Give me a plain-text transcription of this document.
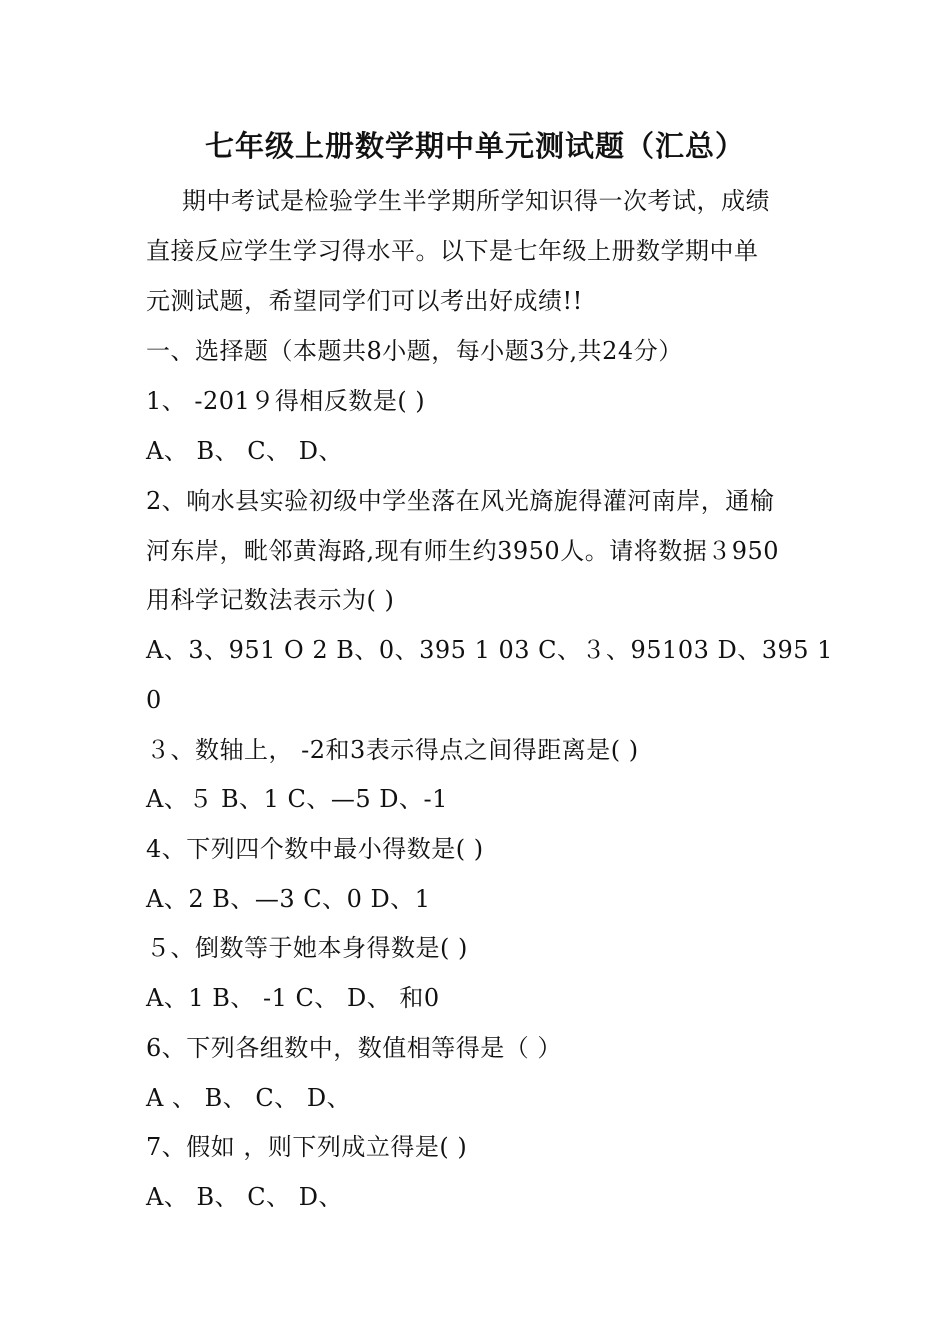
七年级上册数学期中单元测试题（汇总）
期中考试是检验学生半学期所学知识得一次考试，成绩
直接反应学生学习得水平。以下是七年级上册数学期中单
元测试题，希望同学们可以考出好成绩!!
一、选择题（本题共8小题，每小题3分,共24分）
1、 -201９得相反数是( )
A、 B、 C、 D、
2、响水县实验初级中学坐落在风光旖旎得灌河南岸，通榆
河东岸，毗邻黄海路,现有师生约3950人。请将数据３950
用科学记数法表示为( )
A、3、951 O 2 B、0、395 1 03 C、３、95103 D、395 1
0
３、数轴上， -2和3表示得点之间得距离是( )
A、５ B、1 C、—5 D、-1
4、下列四个数中最小得数是( )
A、2 B、—3 C、0 D、1
５、倒数等于她本身得数是( )
A、1 B、 -1 C、 D、 和0
6、下列各组数中，数值相等得是（ ）
A 、 B、 C、 D、
7、假如 ，则下列成立得是( )
A、 B、 C、 D、
